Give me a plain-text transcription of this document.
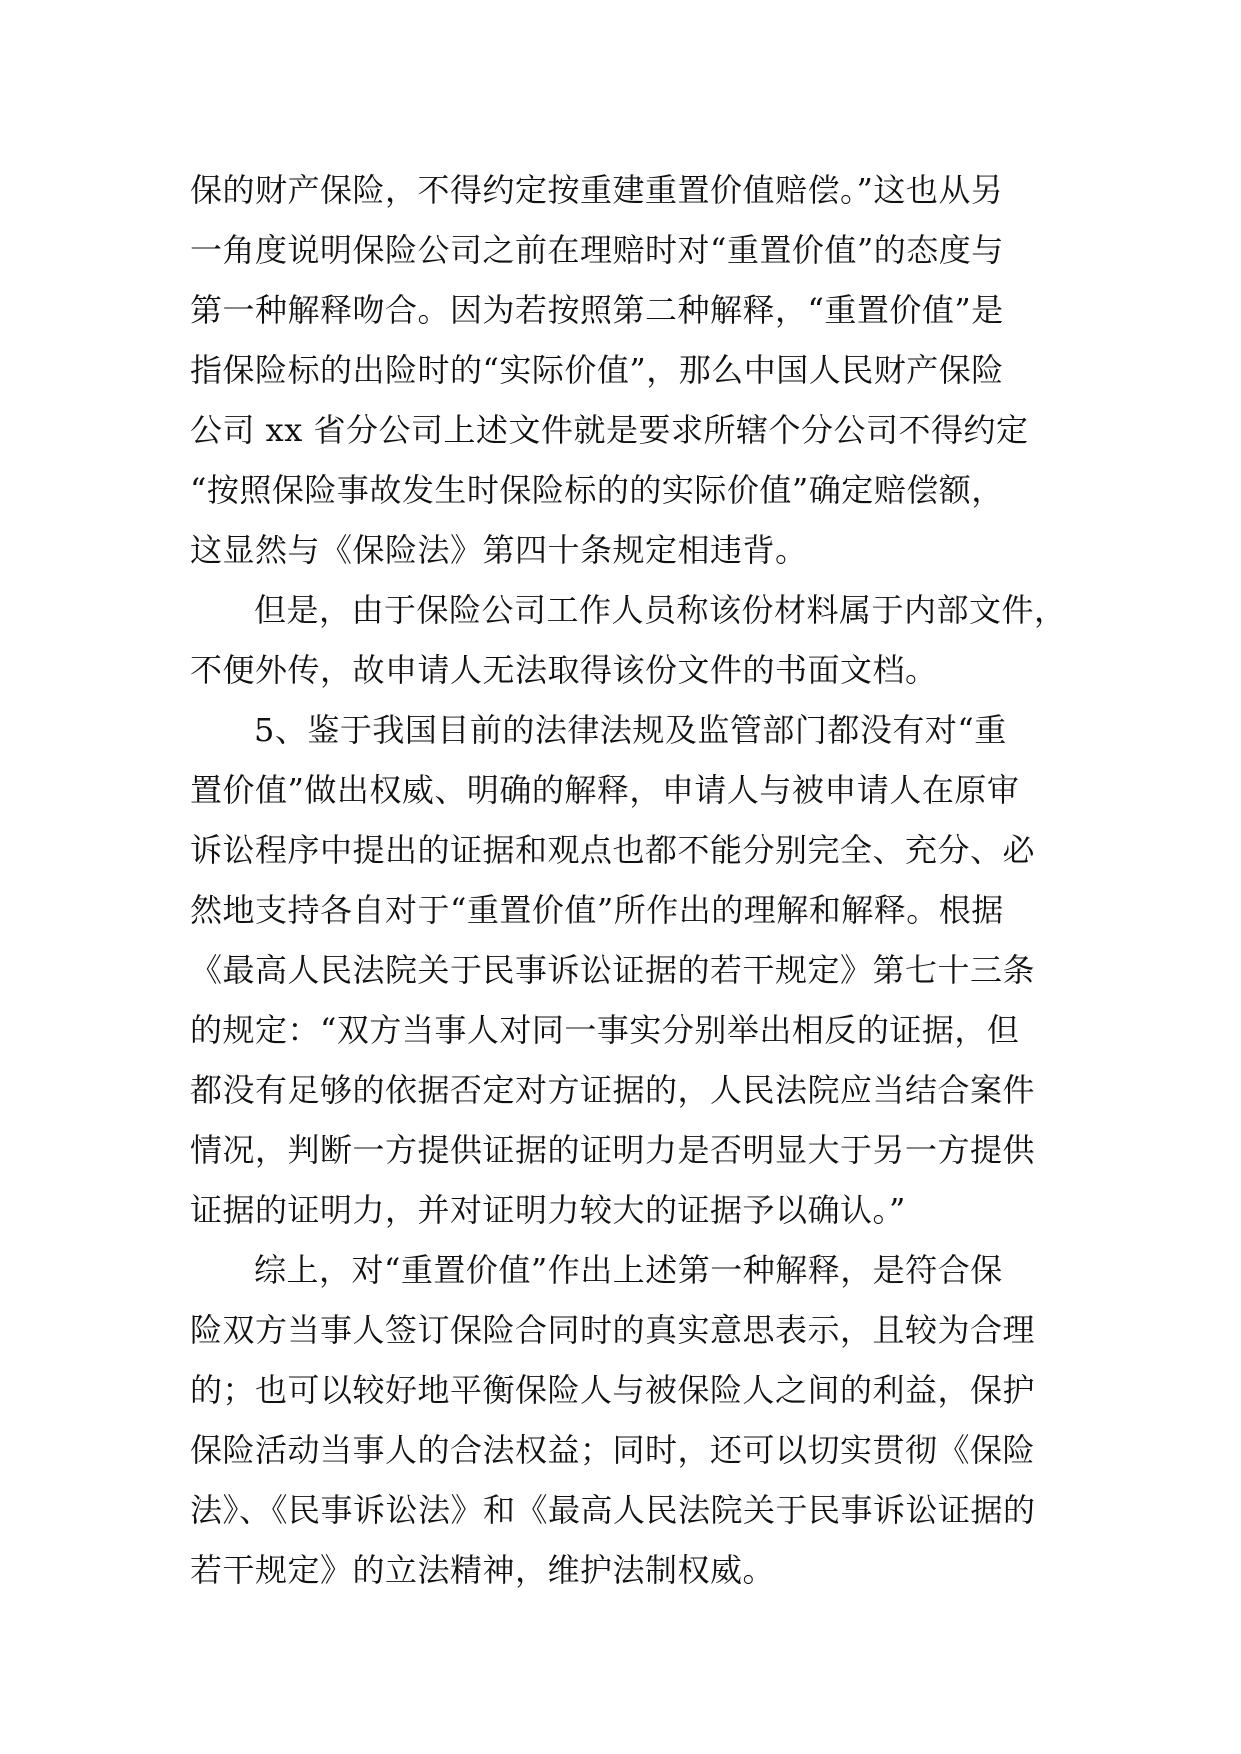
保的财产保险，不得约定按重建重置价值赔偿。”这也从另
一角度说明保险公司之前在理赔时对“重置价值”的态度与
第一种解释吻合。因为若按照第二种解释，“重置价值”是
指保险标的出险时的“实际价值”，那么中国人民财产保险
公司 xx 省分公司上述文件就是要求所辖个分公司不得约定
“按照保险事故发生时保险标的的实际价值”确定赔偿额，
这显然与《保险法》第四十条规定相违背。
但是，由于保险公司工作人员称该份材料属于内部文件，
不便外传，故申请人无法取得该份文件的书面文档。
5、鉴于我国目前的法律法规及监管部门都没有对“重
置价值”做出权威、明确的解释，申请人与被申请人在原审
诉讼程序中提出的证据和观点也都不能分别完全、充分、必
然地支持各自对于“重置价值”所作出的理解和解释。根据
《最高人民法院关于民事诉讼证据的若干规定》第七十三条
的规定：“双方当事人对同一事实分别举出相反的证据，但
都没有足够的依据否定对方证据的，人民法院应当结合案件
情况，判断一方提供证据的证明力是否明显大于另一方提供
证据的证明力，并对证明力较大的证据予以确认。”
综上，对“重置价值”作出上述第一种解释，是符合保
险双方当事人签订保险合同时的真实意思表示，且较为合理
的；也可以较好地平衡保险人与被保险人之间的利益，保护
保险活动当事人的合法权益；同时，还可以切实贯彻《保险
法》、《民事诉讼法》和《最高人民法院关于民事诉讼证据的
若干规定》的立法精神，维护法制权威。
